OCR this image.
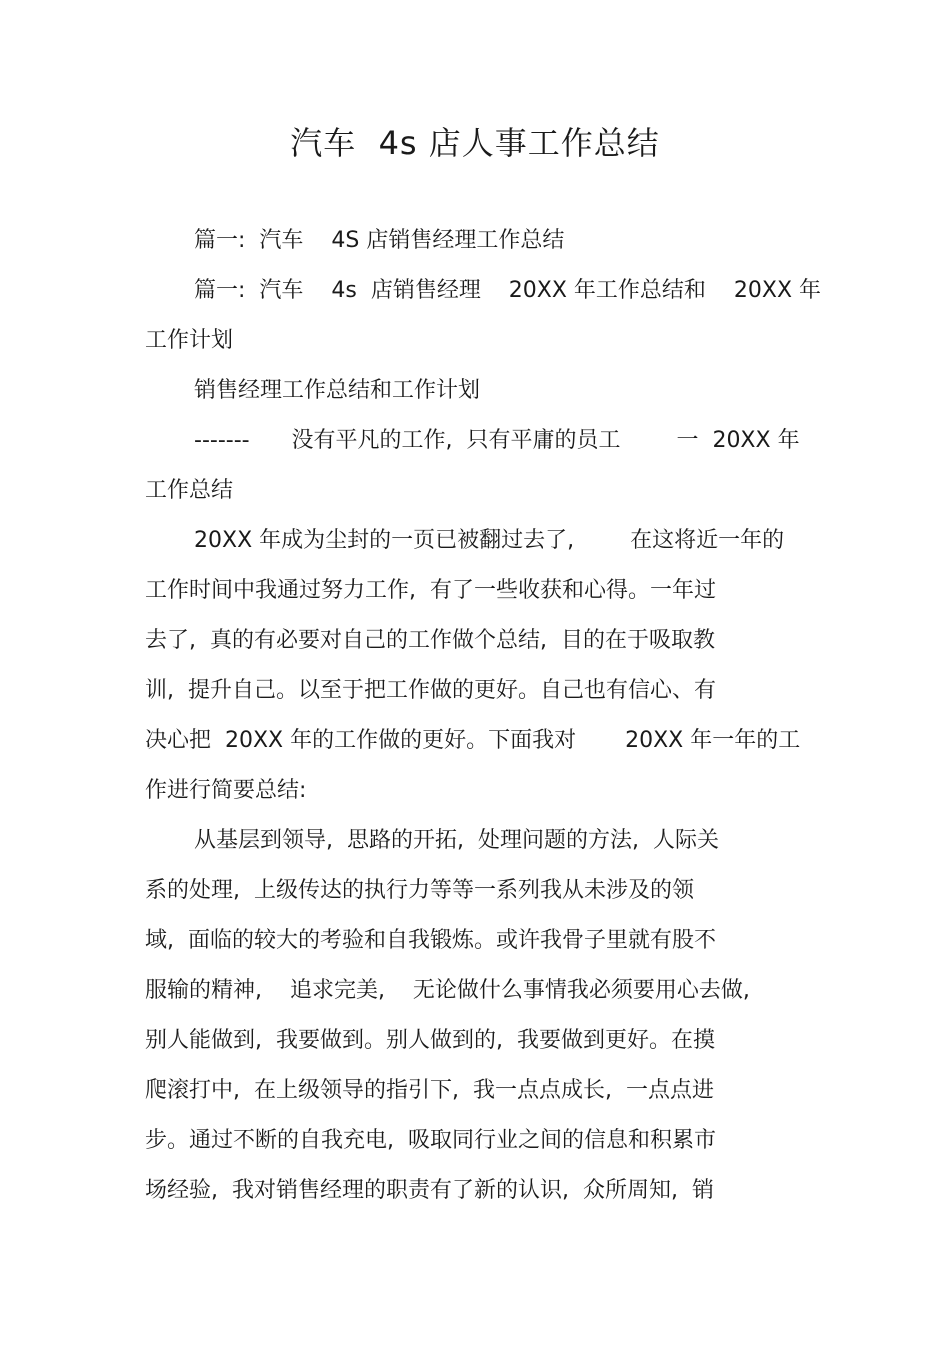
汽车  4s 店人事工作总结
篇一:  汽车    4S 店销售经理工作总结
篇一:  汽车    4s  店销售经理    20XX 年工作总结和    20XX 年
工作计划
销售经理工作总结和工作计划
-------      没有平凡的工作,  只有平庸的员工        一  20XX 年
工作总结
20XX 年成为尘封的一页已被翻过去了,        在这将近一年的
工作时间中我通过努力工作,  有了一些收获和心得。一年过
去了,  真的有必要对自己的工作做个总结,  目的在于吸取教
训,  提升自己。以至于把工作做的更好。自己也有信心、有
决心把  20XX 年的工作做的更好。下面我对       20XX 年一年的工
作进行简要总结:
从基层到领导,  思路的开拓,  处理问题的方法,  人际关
系的处理,  上级传达的执行力等等一系列我从未涉及的领
域,  面临的较大的考验和自我锻炼。或许我骨子里就有股不
服输的精神,    追求完美,    无论做什么事情我必须要用心去做,
别人能做到,  我要做到。别人做到的,  我要做到更好。在摸
爬滚打中,  在上级领导的指引下,  我一点点成长,  一点点进
步。通过不断的自我充电,  吸取同行业之间的信息和积累市
场经验,  我对销售经理的职责有了新的认识,  众所周知,  销
